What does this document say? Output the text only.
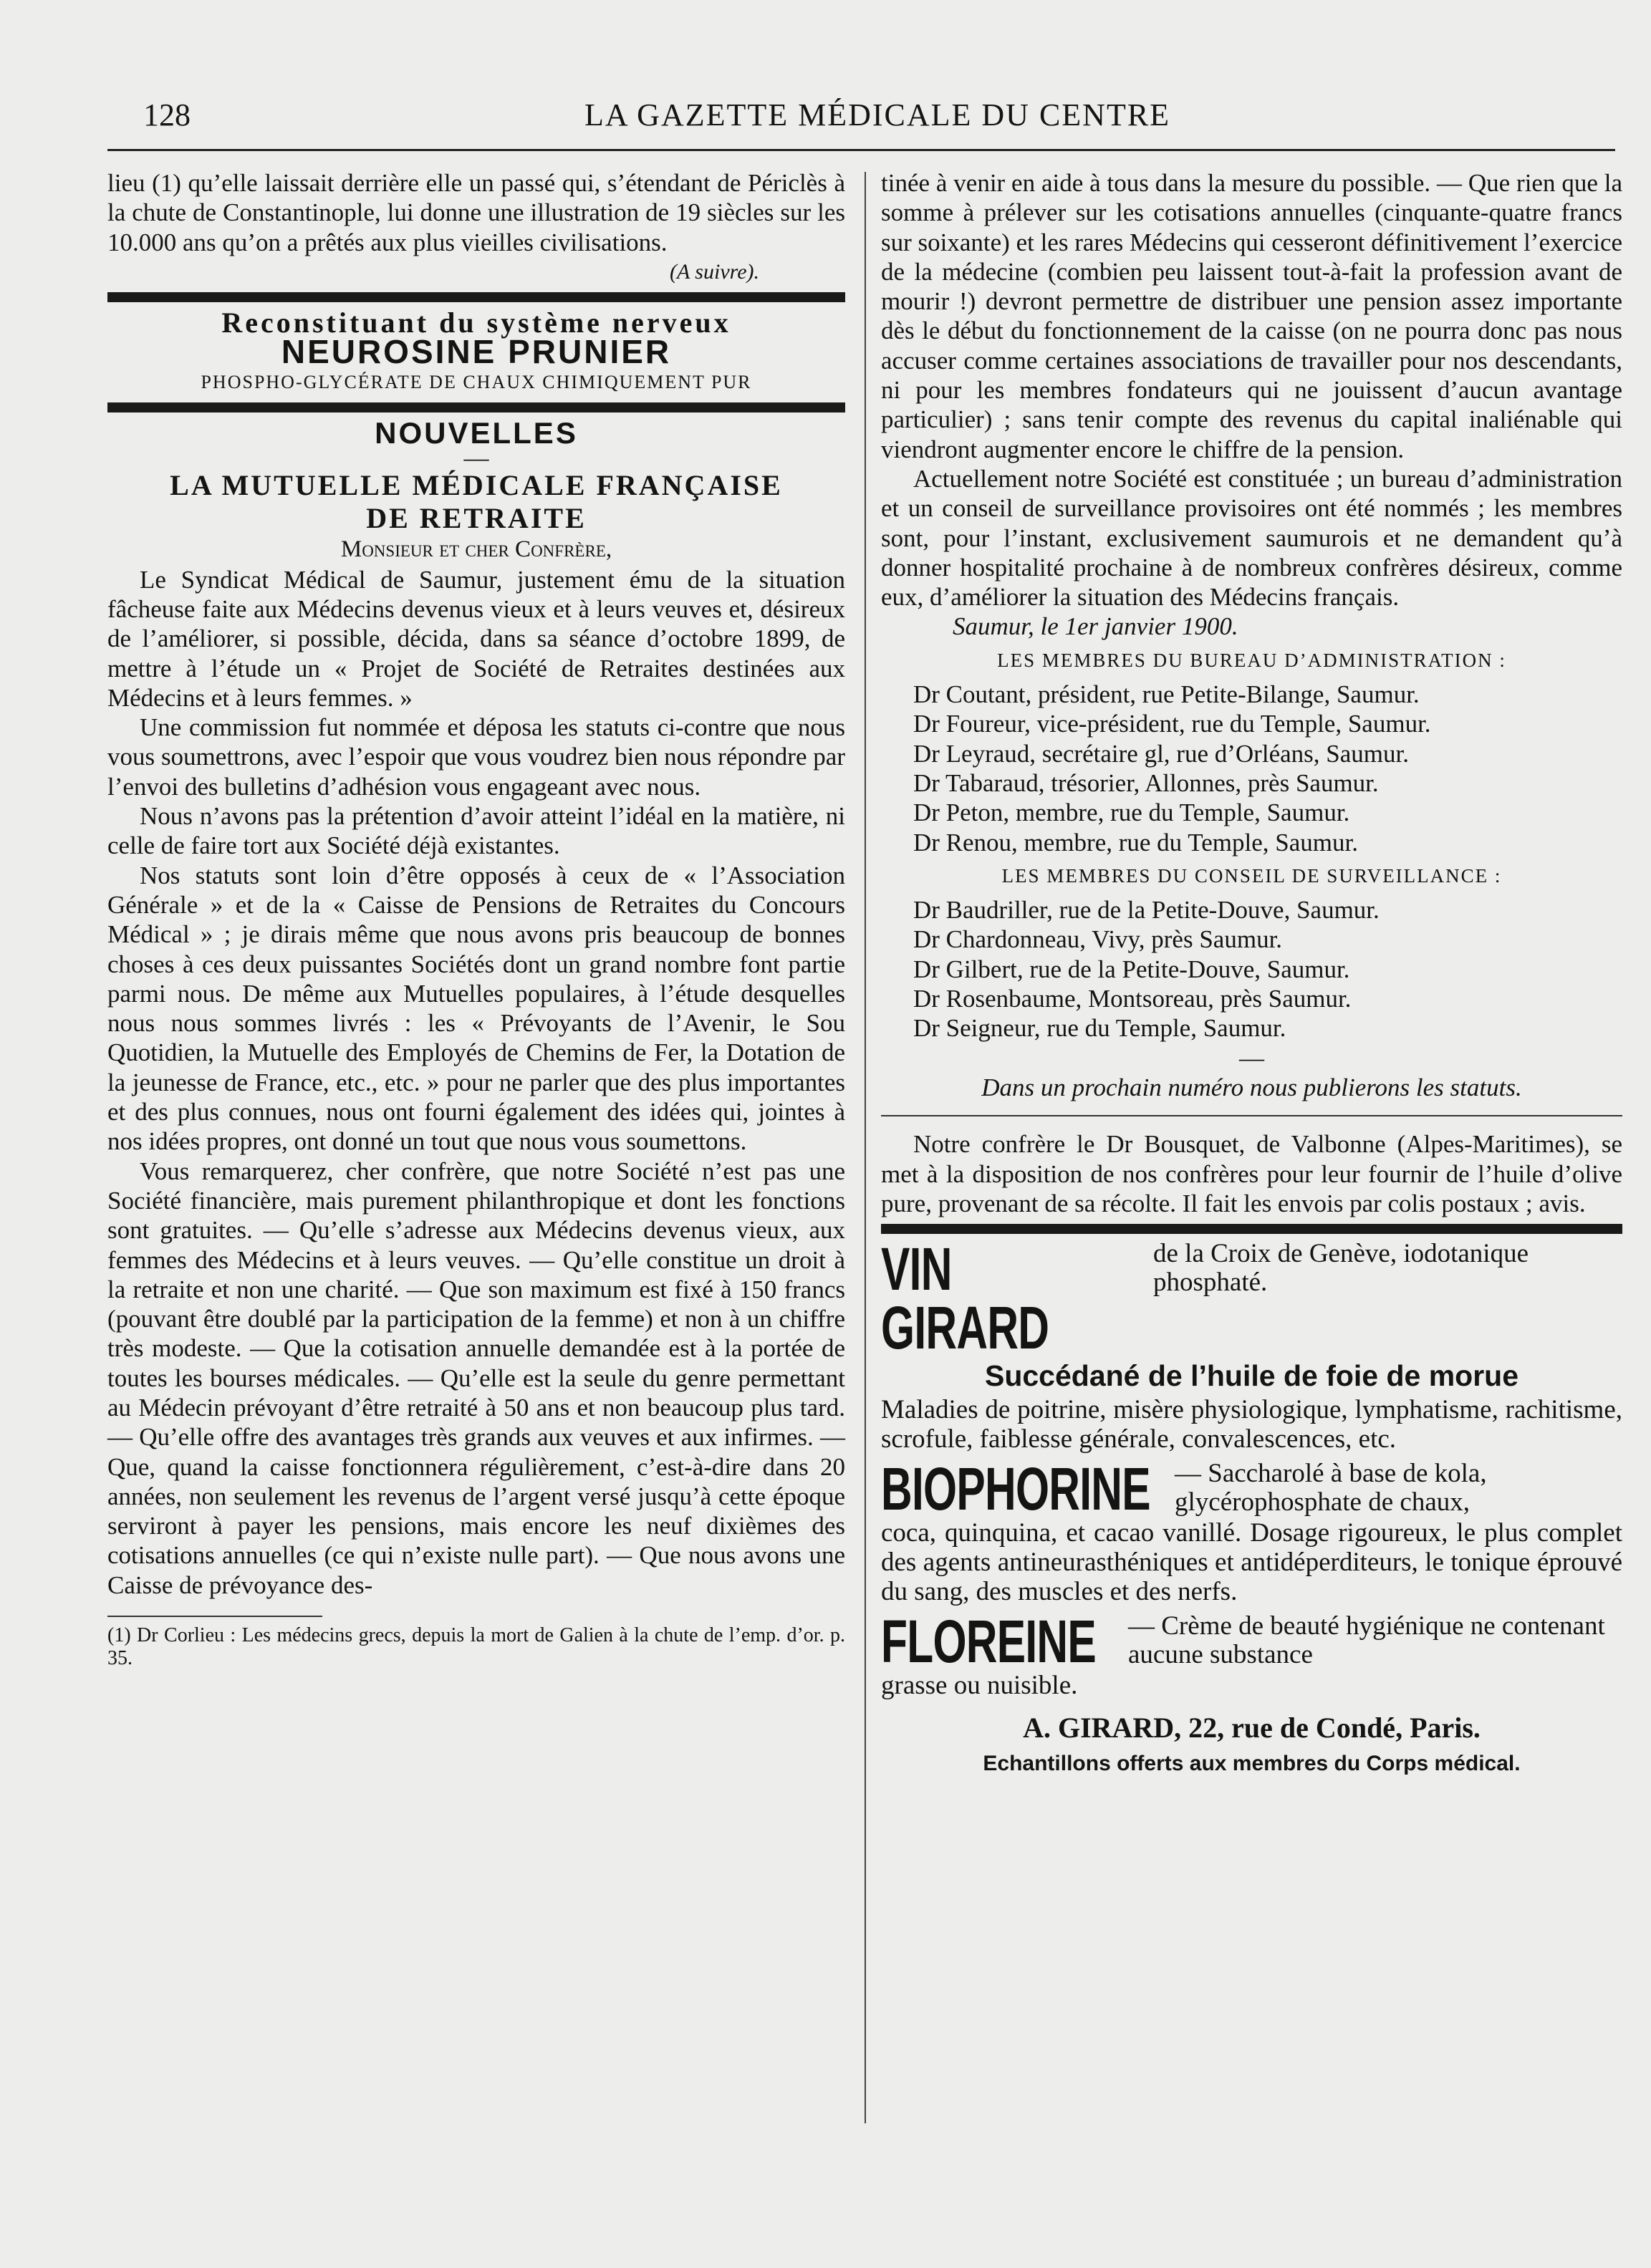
128	LA GAZETTE MÉDICALE DU CENTRE

lieu (1) qu’elle laissait derrière elle un passé qui, s’étendant de Périclès à la chute de Constantinople, lui donne une illustration de 19 siècles sur les 10.000 ans qu’on a prêtés aux plus vieilles civilisations.

(A suivre).
Reconstituant du système nerveux
NEUROSINE PRUNIER
PHOSPHO-GLYCÉRATE DE CHAUX CHIMIQUEMENT PUR
NOUVELLES
—
LA MUTUELLE MÉDICALE FRANÇAISE
DE RETRAITE
Monsieur et cher Confrère,

Le Syndicat Médical de Saumur, justement ému de la situation fâcheuse faite aux Médecins devenus vieux et à leurs veuves et, désireux de l’améliorer, si possible, décida, dans sa séance d’octobre 1899, de mettre à l’étude un « Projet de Société de Retraites destinées aux Médecins et à leurs femmes. »

Une commission fut nommée et déposa les statuts ci-contre que nous vous soumettrons, avec l’espoir que vous voudrez bien nous répondre par l’envoi des bulletins d’adhésion vous engageant avec nous.

Nous n’avons pas la prétention d’avoir atteint l’idéal en la matière, ni celle de faire tort aux Société déjà existantes.

Nos statuts sont loin d’être opposés à ceux de « l’Association Générale » et de la « Caisse de Pensions de Retraites du Concours Médical » ; je dirais même que nous avons pris beaucoup de bonnes choses à ces deux puissantes Sociétés dont un grand nombre font partie parmi nous. De même aux Mutuelles populaires, à l’étude desquelles nous nous sommes livrés : les « Prévoyants de l’Avenir, le Sou Quotidien, la Mutuelle des Employés de Chemins de Fer, la Dotation de la jeunesse de France, etc., etc. » pour ne parler que des plus importantes et des plus connues, nous ont fourni également des idées qui, jointes à nos idées propres, ont donné un tout que nous vous soumettons.

Vous remarquerez, cher confrère, que notre Société n’est pas une Société financière, mais purement philanthropique et dont les fonctions sont gratuites. — Qu’elle s’adresse aux Médecins devenus vieux, aux femmes des Médecins et à leurs veuves. — Qu’elle constitue un droit à la retraite et non une charité. — Que son maximum est fixé à 150 francs (pouvant être doublé par la participation de la femme) et non à un chiffre très modeste. — Que la cotisation annuelle demandée est à la portée de toutes les bourses médicales. — Qu’elle est la seule du genre permettant au Médecin prévoyant d’être retraité à 50 ans et non beaucoup plus tard. — Qu’elle offre des avantages très grands aux veuves et aux infirmes. — Que, quand la caisse fonctionnera régulièrement, c’est-à-dire dans 20 années, non seulement les revenus de l’argent versé jusqu’à cette époque serviront à payer les pensions, mais encore les neuf dixièmes des cotisations annuelles (ce qui n’existe nulle part). — Que nous avons une Caisse de prévoyance des-

(1) Dr Corlieu : Les médecins grecs, depuis la mort de Galien à la chute de l’emp. d’or. p. 35.

tinée à venir en aide à tous dans la mesure du possible. — Que rien que la somme à prélever sur les cotisations annuelles (cinquante-quatre francs sur soixante) et les rares Médecins qui cesseront définitivement l’exercice de la médecine (combien peu laissent tout-à-fait la profession avant de mourir !) devront permettre de distribuer une pension assez importante dès le début du fonctionnement de la caisse (on ne pourra donc pas nous accuser comme certaines associations de travailler pour nos descendants, ni pour les membres fondateurs qui ne jouissent d’aucun avantage particulier) ; sans tenir compte des revenus du capital inaliénable qui viendront augmenter encore le chiffre de la pension.

Actuellement notre Société est constituée ; un bureau d’administration et un conseil de surveillance provisoires ont été nommés ; les membres sont, pour l’instant, exclusivement saumurois et ne demandent qu’à donner hospitalité prochaine à de nombreux confrères désireux, comme eux, d’améliorer la situation des Médecins français.

Saumur, le 1er janvier 1900.

LES MEMBRES DU BUREAU D’ADMINISTRATION :
Dr Coutant, président, rue Petite-Bilange, Saumur.
Dr Foureur, vice-président, rue du Temple, Saumur.
Dr Leyraud, secrétaire gl, rue d’Orléans, Saumur.
Dr Tabaraud, trésorier, Allonnes, près Saumur.
Dr Peton, membre, rue du Temple, Saumur.
Dr Renou, membre, rue du Temple, Saumur.
LES MEMBRES DU CONSEIL DE SURVEILLANCE :
Dr Baudriller, rue de la Petite-Douve, Saumur.
Dr Chardonneau, Vivy, près Saumur.
Dr Gilbert, rue de la Petite-Douve, Saumur.
Dr Rosenbaume, Montsoreau, près Saumur.
Dr Seigneur, rue du Temple, Saumur.
—

Dans un prochain numéro nous publierons les statuts.

Notre confrère le Dr Bousquet, de Valbonne (Alpes-Maritimes), se met à la disposition de nos confrères pour leur fournir de l’huile d’olive pure, provenant de sa récolte. Il fait les envois par colis postaux ; avis.

VIN GIRARD
de la Croix de Genève, iodotanique phosphaté.
Succédané de l’huile de foie de morue

Maladies de poitrine, misère physiologique, lymphatisme, rachitisme, scrofule, faiblesse générale, convalescences, etc.

BIOPHORINE — Saccharolé à base de kola, glycérophosphate de chaux,

coca, quinquina, et cacao vanillé. Dosage rigoureux, le plus complet des agents antineurasthéniques et antidéperditeurs, le tonique éprouvé du sang, des muscles et des nerfs.

FLOREINE — Crème de beauté hygiénique ne contenant aucune substance

grasse ou nuisible.

A. GIRARD, 22, rue de Condé, Paris.
Echantillons offerts aux membres du Corps médical.
